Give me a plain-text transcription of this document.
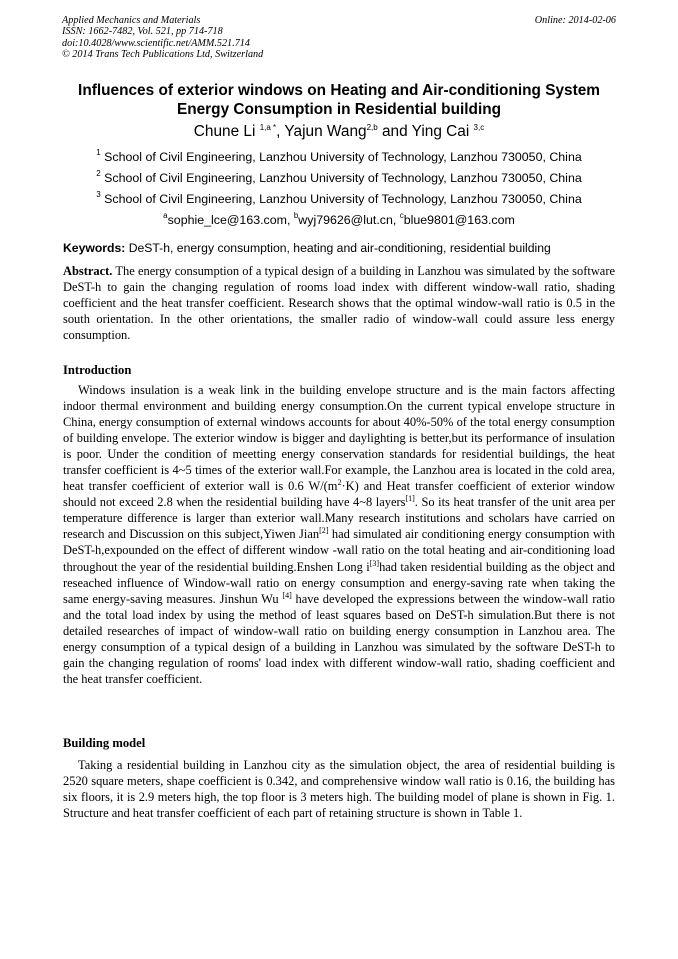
Applied Mechanics and Materials
ISSN: 1662-7482, Vol. 521, pp 714-718
doi:10.4028/www.scientific.net/AMM.521.714
© 2014 Trans Tech Publications Ltd, Switzerland
Online: 2014-02-06
Influences of exterior windows on Heating and Air-conditioning System
Energy Consumption in Residential building
Chune Li $^{1,a *}$, Yajun Wang$^{2,b}$ and Ying Cai $^{3,c}$
$^1$ School of Civil Engineering, Lanzhou University of Technology, Lanzhou 730050, China
$^2$ School of Civil Engineering, Lanzhou University of Technology, Lanzhou 730050, China
$^3$ School of Civil Engineering, Lanzhou University of Technology, Lanzhou 730050, China
$^a$sophie_lce@163.com, $^b$wyj79626@lut.cn, $^c$blue9801@163.com
Keywords: DeST-h, energy consumption, heating and air-conditioning, residential building
Abstract. The energy consumption of a typical design of a building in Lanzhou was simulated by the software DeST-h to gain the changing regulation of rooms load index with different window-wall ratio, shading coefficient and the heat transfer coefficient. Research shows that the optimal window-wall ratio is 0.5 in the south orientation. In the other orientations, the smaller radio of window-wall could assure less energy consumption.
Introduction
Windows insulation is a weak link in the building envelope structure and is the main factors affecting indoor thermal environment and building energy consumption.On the current typical envelope structure in China, energy consumption of external windows accounts for about 40%-50% of the total energy consumption of building envelope. The exterior window is bigger and daylighting is better,but its performance of insulation is poor. Under the condition of meetting energy conservation standards for residential buildings, the heat transfer coefficient is 4~5 times of the exterior wall.For example, the Lanzhou area is located in the cold area, heat transfer coefficient of exterior wall is 0.6 $W/(m^2\cdot K)$ and Heat transfer coefficient of exterior window should not exceed 2.8 when the residential building have 4~8 layers[1]. So its heat transfer of the unit area per temperature difference is larger than exterior wall.Many research institutions and scholars have carried on research and Discussion on this subject,Yiwen Jian[2] had simulated air conditioning energy consumption with DeST-h,expounded on the effect of different window -wall ratio on the total heating and air-conditioning load throughout the year of the residential building.Enshen Long i[3]had taken residential building as the object and reseached influence of Window-wall ratio on energy consumption and energy-saving rate when taking the same energy-saving measures. Jinshun Wu [4] have developed the expressions between the window-wall ratio and the total load index by using the method of least squares based on DeST-h simulation.But there is not detailed researches of impact of window-wall ratio on building energy consumption in Lanzhou area. The energy consumption of a typical design of a building in Lanzhou was simulated by the software DeST-h to gain the changing regulation of rooms' load index with different window-wall ratio, shading coefficient and the heat transfer coefficient.
Building model
Taking a residential building in Lanzhou city as the simulation object, the area of residential building is 2520 square meters, shape coefficient is 0.342, and comprehensive window wall ratio is 0.16, the building has six floors, it is 2.9 meters high, the top floor is 3 meters high. The building model of plane is shown in Fig. 1. Structure and heat transfer coefficient of each part of retaining structure is shown in Table 1.
